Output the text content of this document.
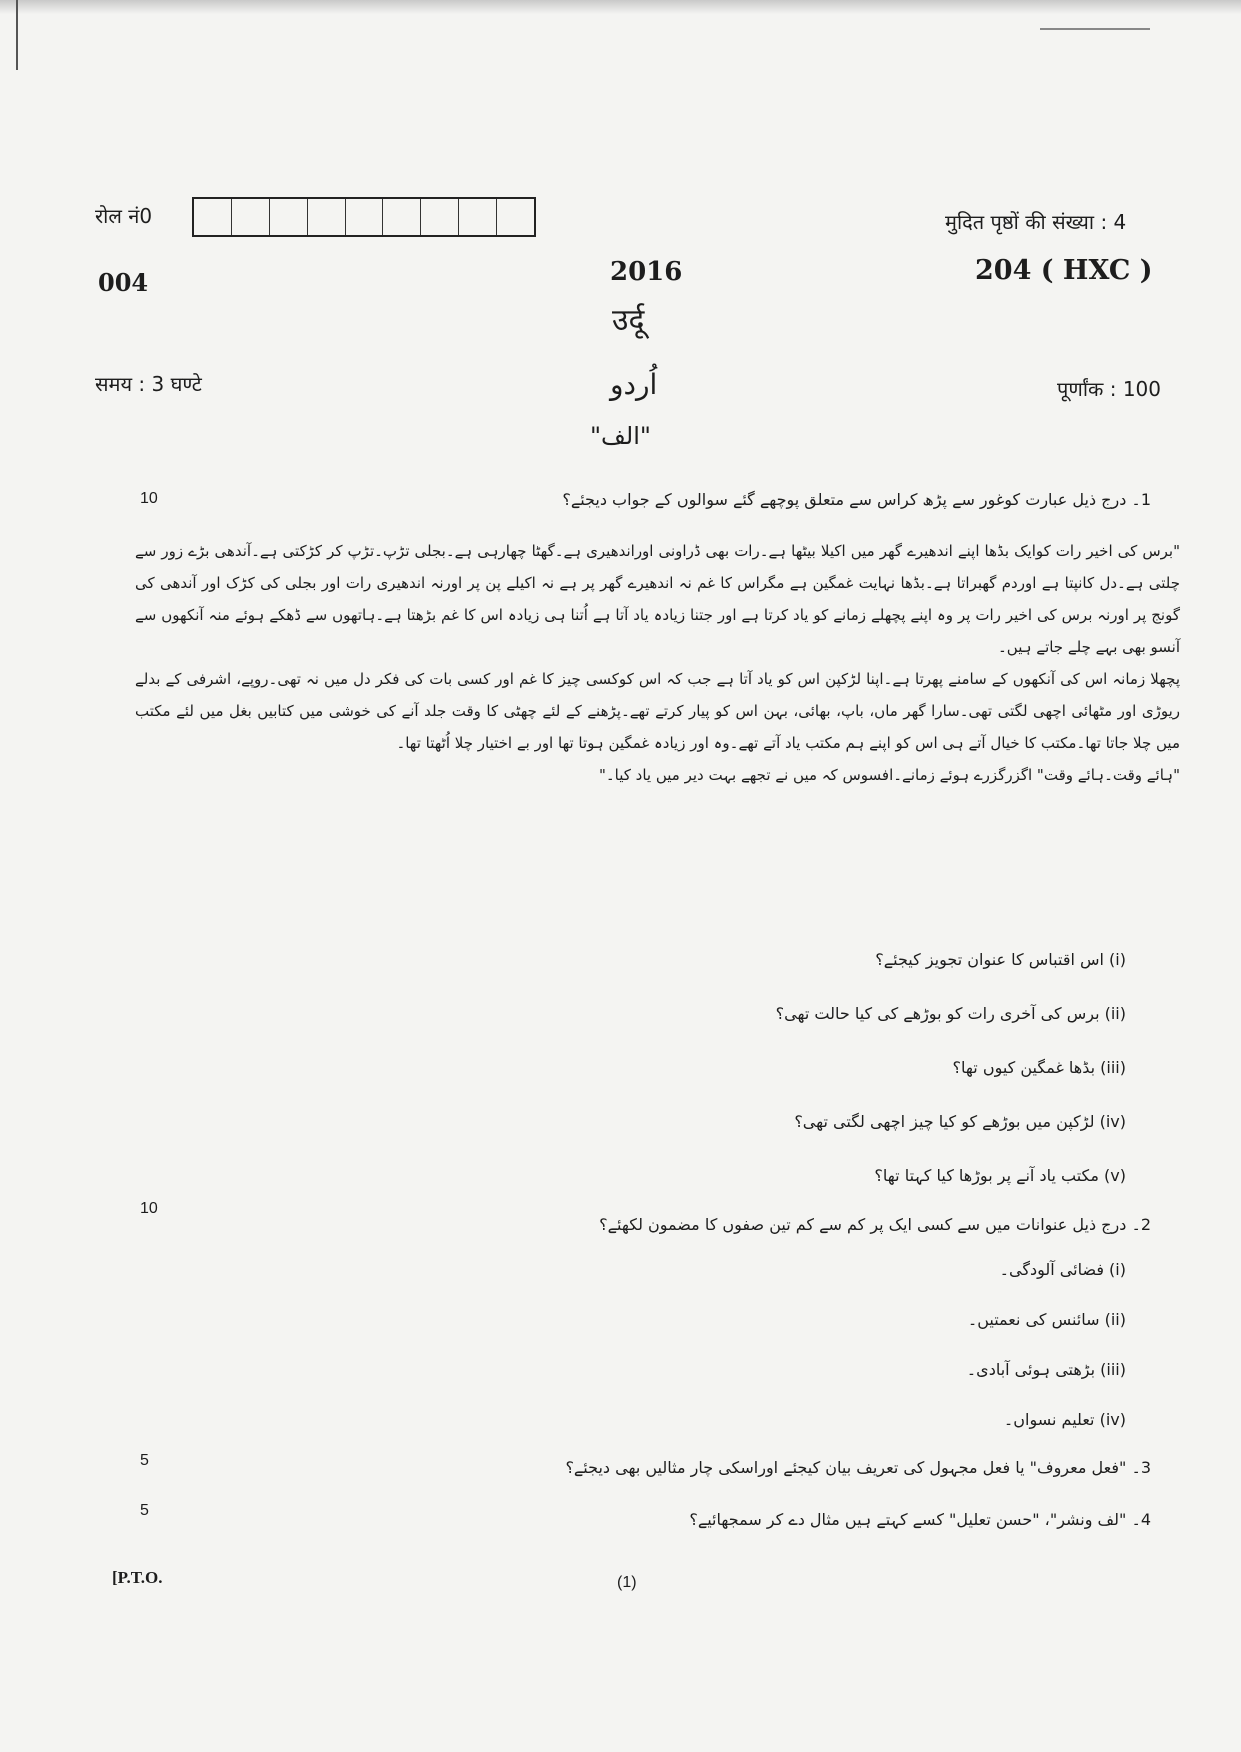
रोल नं0	मुदित पृष्ठों की संख्या : 4
004	2016	204 ( HXC )
उर्दू
समय : 3 घण्टे	اُردو	पूर्णांक : 100
"الف"
10	1۔ درج ذیل عبارت کوغور سے پڑھ کراس سے متعلق پوچھے گئے سوالوں کے جواب دیجئے؟

"برس کی اخیر رات کوایک بڈھا اپنے اندھیرے گھر میں اکیلا بیٹھا ہے۔رات بھی ڈراونی اوراندھیری ہے۔گھٹا چھارہی ہے۔بجلی تڑپ۔تڑپ کر کڑکتی ہے۔آندھی بڑے زور سے چلتی ہے۔دل کانپتا ہے اوردم گھبراتا ہے۔بڈھا نہایت غمگین ہے مگراس کا غم نہ اندھیرے گھر پر ہے نہ اکیلے پن پر اورنہ اندھیری رات اور بجلی کی کڑک اور آندھی کی گونج پر اورنہ برس کی اخیر رات پر وہ اپنے پچھلے زمانے کو یاد کرتا ہے اور جتنا زیادہ یاد آتا ہے اُتنا ہی زیادہ اس کا غم بڑھتا ہے۔ہاتھوں سے ڈھکے ہوئے منہ آنکھوں سے آنسو بھی بہے چلے جاتے ہیں۔

پچھلا زمانہ اس کی آنکھوں کے سامنے پھرتا ہے۔اپنا لڑکپن اس کو یاد آتا ہے جب کہ اس کوکسی چیز کا غم اور کسی بات کی فکر دل میں نہ تھی۔روپے، اشرفی کے بدلے ریوڑی اور مٹھائی اچھی لگتی تھی۔سارا گھر ماں، باپ، بھائی، بہن اس کو پیار کرتے تھے۔پڑھنے کے لئے چھٹی کا وقت جلد آنے کی خوشی میں کتابیں بغل میں لئے مکتب میں چلا جاتا تھا۔مکتب کا خیال آتے ہی اس کو اپنے ہم مکتب یاد آتے تھے۔وہ اور زیادہ غمگین ہوتا تھا اور بے اختیار چلا اُٹھتا تھا۔

"ہائے وقت۔ہائے وقت" اگزرگزرے ہوئے زمانے۔افسوس کہ میں نے تجھے بہت دیر میں یاد کیا۔"

(i) اس اقتباس کا عنوان تجویز کیجئے؟
(ii) برس کی آخری رات کو بوڑھے کی کیا حالت تھی؟
(iii) بڈھا غمگین کیوں تھا؟
(iv) لڑکپن میں بوڑھے کو کیا چیز اچھی لگتی تھی؟
(v) مکتب یاد آنے پر بوڑھا کیا کہتا تھا؟
10
2۔ درج ذیل عنوانات میں سے کسی ایک پر کم سے کم تین صفوں کا مضمون لکھئے؟
(i) فضائی آلودگی۔
(ii) سائنس کی نعمتیں۔
(iii) بڑھتی ہوئی آبادی۔
(iv) تعلیم نسواں۔
5	3۔ "فعل معروف" یا فعل مجہول کی تعریف بیان کیجئے اوراسکی چار مثالیں بھی دیجئے؟
5	4۔ "لف ونشر"، "حسن تعلیل" کسے کہتے ہیں مثال دے کر سمجھائیے؟
[P.T.O.	(1)
